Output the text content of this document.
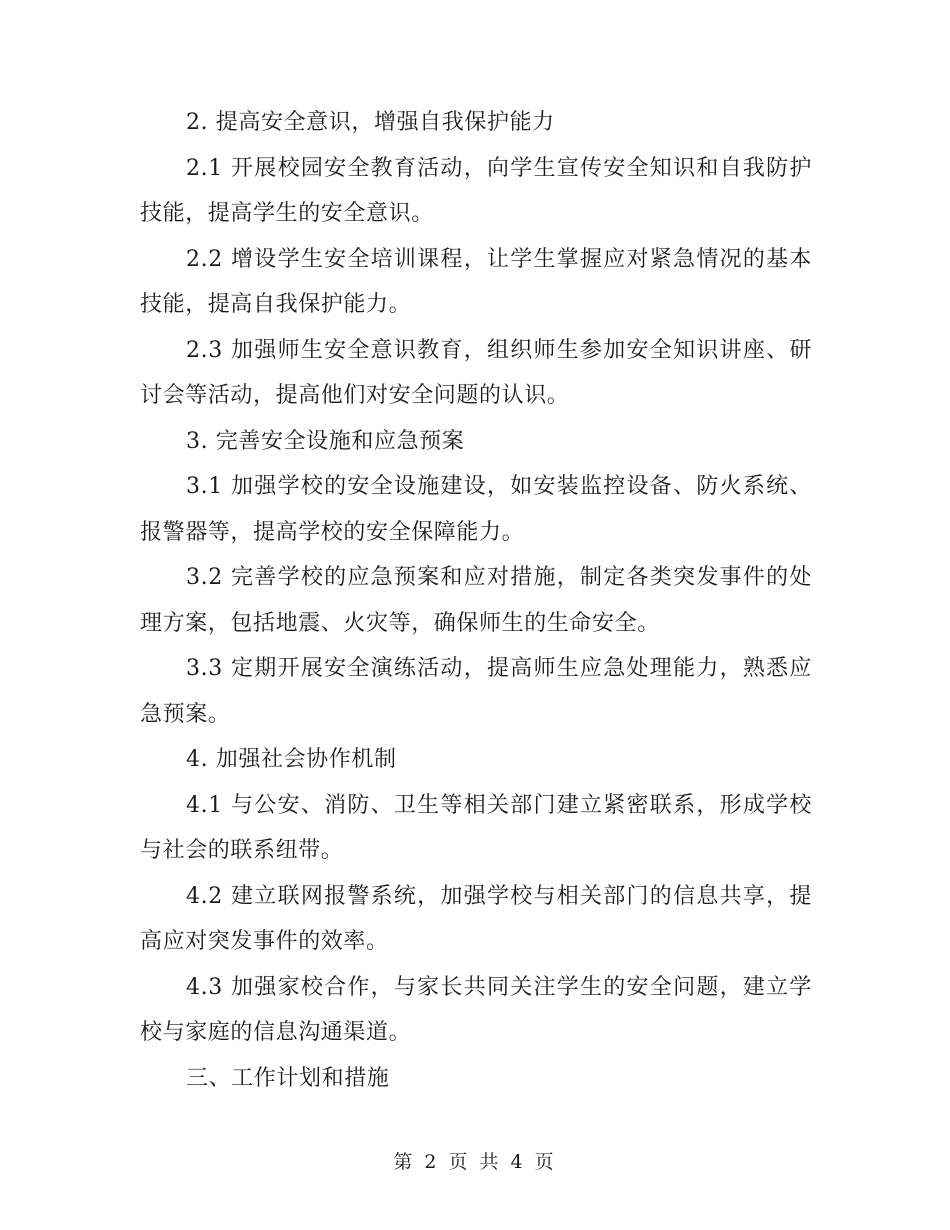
2. 提高安全意识，增强自我保护能力

2.1 开展校园安全教育活动，向学生宣传安全知识和自我防护技能，提高学生的安全意识。

2.2 增设学生安全培训课程，让学生掌握应对紧急情况的基本技能，提高自我保护能力。

2.3 加强师生安全意识教育，组织师生参加安全知识讲座、研讨会等活动，提高他们对安全问题的认识。

3. 完善安全设施和应急预案

3.1 加强学校的安全设施建设，如安装监控设备、防火系统、报警器等，提高学校的安全保障能力。

3.2 完善学校的应急预案和应对措施，制定各类突发事件的处理方案，包括地震、火灾等，确保师生的生命安全。

3.3 定期开展安全演练活动，提高师生应急处理能力，熟悉应急预案。

4. 加强社会协作机制

4.1 与公安、消防、卫生等相关部门建立紧密联系，形成学校与社会的联系纽带。

4.2 建立联网报警系统，加强学校与相关部门的信息共享，提高应对突发事件的效率。

4.3 加强家校合作，与家长共同关注学生的安全问题，建立学校与家庭的信息沟通渠道。

三、工作计划和措施

第 2 页 共 4 页
